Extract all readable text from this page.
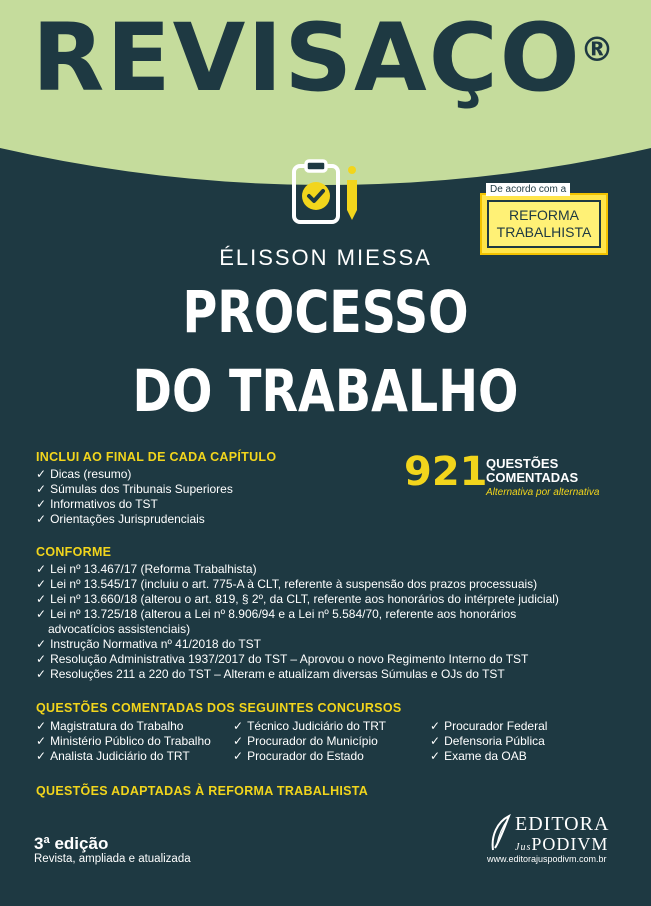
REVISAÇO
®
De acordo com a
REFORMA
TRABALHISTA
ÉLISSON MIESSA
PROCESSO
DO TRABALHO
INCLUI AO FINAL DE CADA CAPÍTULO
✓ Dicas (resumo)
✓ Súmulas dos Tribunais Superiores
✓ Informativos do TST
✓ Orientações Jurisprudenciais
921
QUESTÕES
COMENTADAS
Alternativa por alternativa
CONFORME
✓ Lei nº 13.467/17 (Reforma Trabalhista)
✓ Lei nº 13.545/17 (incluiu o art. 775-A à CLT, referente à suspensão dos prazos processuais)
✓ Lei nº 13.660/18 (alterou o art. 819, § 2º, da CLT, referente aos honorários do intérprete judicial)
✓ Lei nº 13.725/18 (alterou a Lei nº 8.906/94 e a Lei nº 5.584/70, referente aos honorários
advocatícios assistenciais)
✓ Instrução Normativa nº 41/2018 do TST
✓ Resolução Administrativa 1937/2017 do TST – Aprovou o novo Regimento Interno do TST
✓ Resoluções 211 a 220 do TST – Alteram e atualizam diversas Súmulas e OJs do TST
QUESTÕES COMENTADAS DOS SEGUINTES CONCURSOS
✓ Magistratura do Trabalho
✓ Ministério Público do Trabalho
✓ Analista Judiciário do TRT
✓ Técnico Judiciário do TRT
✓ Procurador do Município
✓ Procurador do Estado
✓ Procurador Federal
✓ Defensoria Pública
✓ Exame da OAB
QUESTÕES ADAPTADAS À REFORMA TRABALHISTA
3ª edição
Revista, ampliada e atualizada
EDITORA
JusPODIVM
www.editorajuspodivm.com.br
